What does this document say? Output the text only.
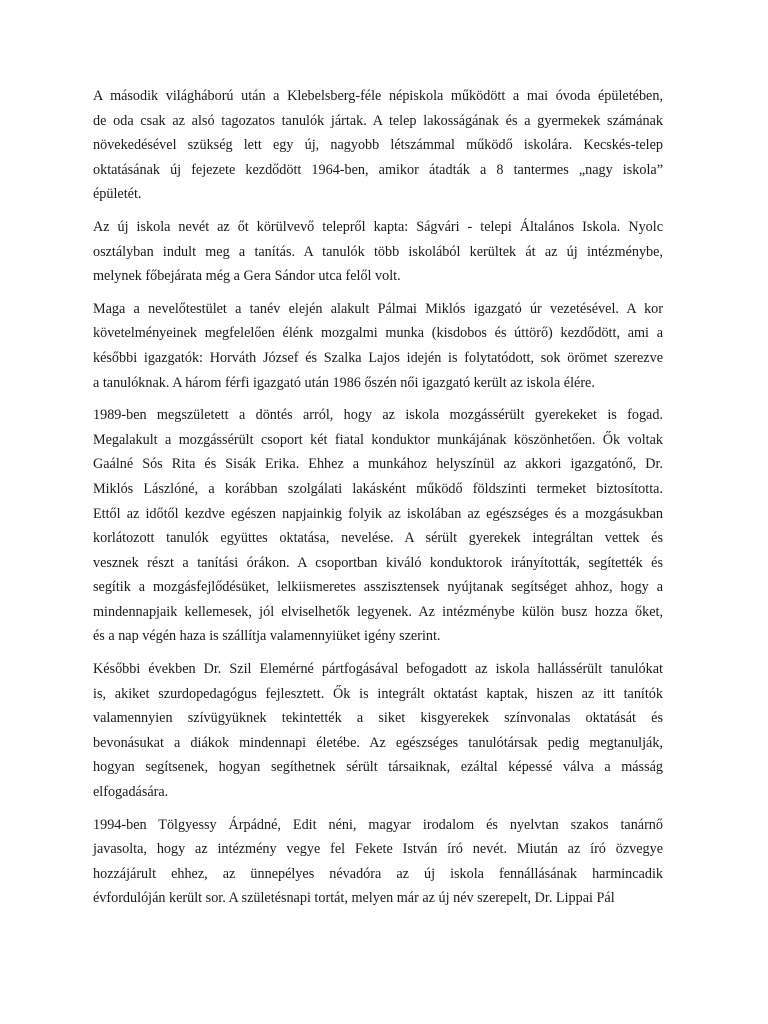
A második világháború után a Klebelsberg-féle népiskola működött a mai óvoda épületében,
de oda csak az alsó tagozatos tanulók jártak. A telep lakosságának és a gyermekek számának
növekedésével szükség lett egy új, nagyobb létszámmal működő iskolára. Kecskés-telep
oktatásának új fejezete kezdődött 1964-ben, amikor átadták a 8 tantermes „nagy iskola”
épületét.
Az új iskola nevét az őt körülvevő telepről kapta: Ságvári - telepi Általános Iskola. Nyolc
osztályban indult meg a tanítás. A tanulók több iskolából kerültek át az új intézménybe,
melynek főbejárata még a Gera Sándor utca felől volt.
Maga a nevelőtestület a tanév elején alakult Pálmai Miklós igazgató úr vezetésével. A kor
követelményeinek megfelelően élénk mozgalmi munka (kisdobos és úttörő) kezdődött, ami a
későbbi igazgatók: Horváth József és Szalka Lajos idején is folytatódott, sok örömet szerezve
a tanulóknak. A három férfi igazgató után 1986 őszén női igazgató került az iskola élére.
1989-ben megszületett a döntés arról, hogy az iskola mozgássérült gyerekeket is fogad.
Megalakult a mozgássérült csoport két fiatal konduktor munkájának köszönhetően. Ők voltak
Gaálné Sós Rita és Sisák Erika. Ehhez a munkához helyszínül az akkori igazgatónő, Dr.
Miklós Lászlóné, a korábban szolgálati lakásként működő földszinti termeket biztosította.
Ettől az időtől kezdve egészen napjainkig folyik az iskolában az egészséges és a mozgásukban
korlátozott tanulók együttes oktatása, nevelése. A sérült gyerekek integráltan vettek és
vesznek részt a tanítási órákon. A csoportban kiváló konduktorok irányították, segítették és
segítik a mozgásfejlődésüket, lelkiismeretes asszisztensek nyújtanak segítséget ahhoz, hogy a
mindennapjaik kellemesek, jól elviselhetők legyenek. Az intézménybe külön busz hozza őket,
és a nap végén haza is szállítja valamennyiüket igény szerint.
Későbbi években Dr. Szil Elemérné pártfogásával befogadott az iskola hallássérült tanulókat
is, akiket szurdopedagógus fejlesztett. Ők is integrált oktatást kaptak, hiszen az itt tanítók
valamennyien szívügyüknek tekintették a siket kisgyerekek színvonalas oktatását és
bevonásukat a diákok mindennapi életébe. Az egészséges tanulótársak pedig megtanulják,
hogyan segítsenek, hogyan segíthetnek sérült társaiknak, ezáltal képessé válva a másság
elfogadására.
1994-ben Tölgyessy Árpádné, Edit néni, magyar irodalom és nyelvtan szakos tanárnő
javasolta, hogy az intézmény vegye fel Fekete István író nevét. Miután az író özvegye
hozzájárult ehhez, az ünnepélyes névadóra az új iskola fennállásának harmincadik
évfordulóján került sor. A születésnapi tortát, melyen már az új név szerepelt, Dr. Lippai Pál
